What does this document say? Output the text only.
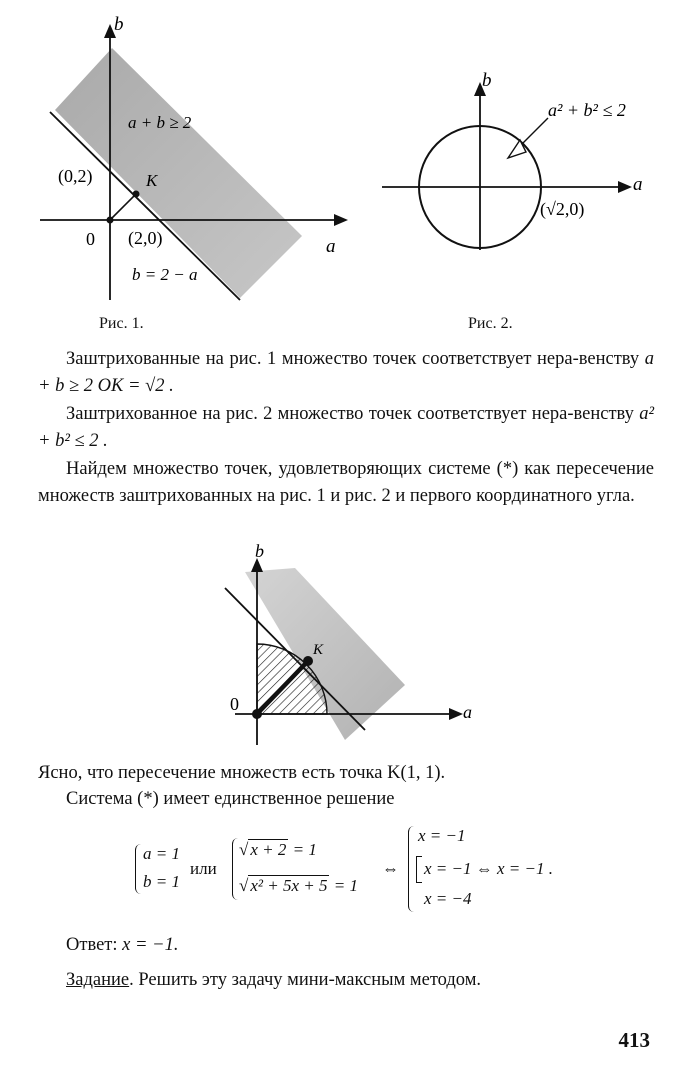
b
a
0
(0,2)
(2,0)
K
a + b ≥ 2
b = 2 − a
Рис. 1.
b
a
a² + b² ≤ 2
(√2,0)
Рис. 2.
Заштрихованные на рис. 1 множество точек соответствует нера-венству a + b ≥ 2 OK = √2 .
Заштрихованное на рис. 2 множество точек соответствует нера-венству a² + b² ≤ 2 .
Найдем множество точек, удовлетворяющих системе (*) как пересечение множеств заштрихованных на рис. 1 и рис. 2 и первого координатного угла.
b
a
0
K
Ясно, что пересечение множеств есть точка K(1, 1).
Система (*) имеет единственное решение
a = 1
b = 1
или
√ x + 2 = 1
√ x² + 5x + 5 = 1
⇔
x = −1
x = −1 ⇔ x = −1 .
x = −4
Ответ: x = −1.
Задание. Решить эту задачу мини-максным методом.
413
